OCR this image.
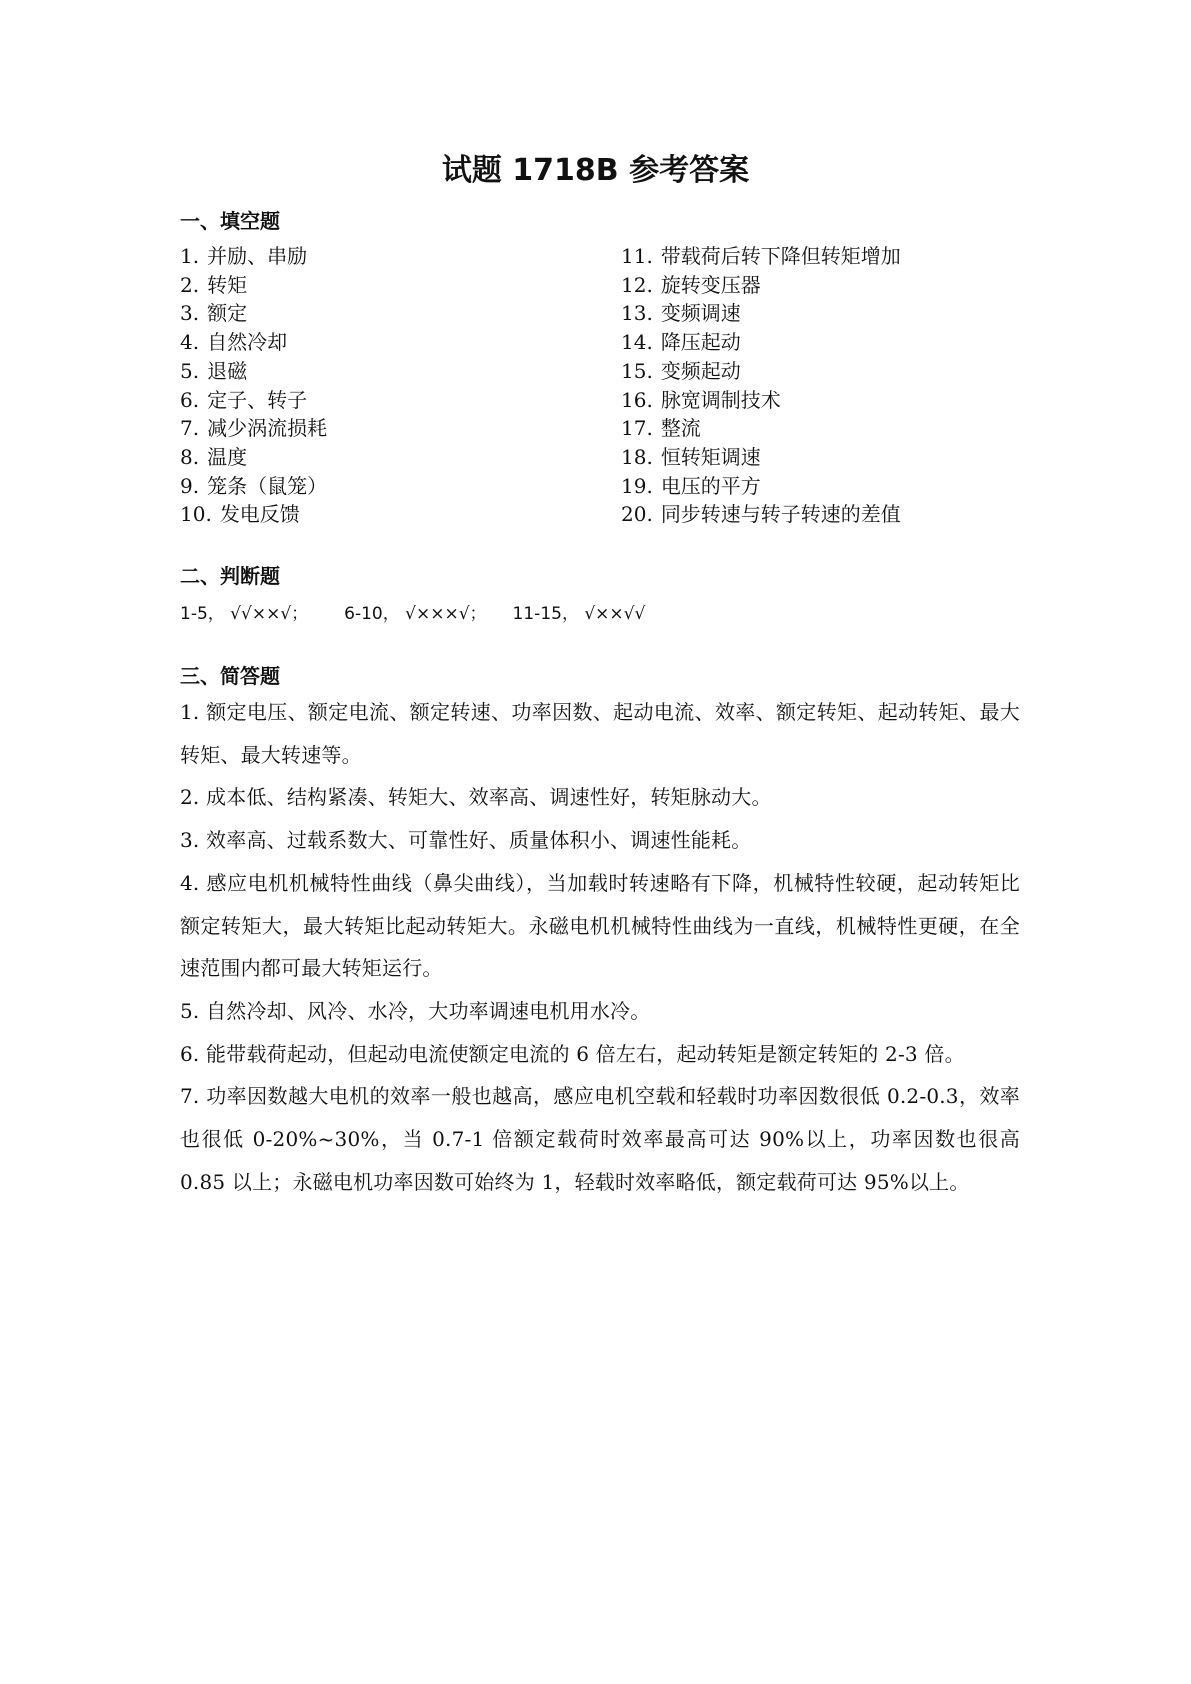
试题 1718B 参考答案
一、填空题
1. 并励、串励
2. 转矩
3. 额定
4. 自然冷却
5. 退磁
6. 定子、转子
7. 减少涡流损耗
8. 温度
9. 笼条（鼠笼）
10. 发电反馈
11. 带载荷后转下降但转矩增加
12. 旋转变压器
13. 变频调速
14. 降压起动
15. 变频起动
16. 脉宽调制技术
17. 整流
18. 恒转矩调速
19. 电压的平方
20. 同步转速与转子转速的差值
二、判断题
1-5， √√××√； 6-10， √×××√； 11-15， √××√√
三、简答题

1. 额定电压、额定电流、额定转速、功率因数、起动电流、效率、额定转矩、起动转矩、最大转矩、最大转速等。

2. 成本低、结构紧凑、转矩大、效率高、调速性好，转矩脉动大。

3. 效率高、过载系数大、可靠性好、质量体积小、调速性能耗。

4. 感应电机机械特性曲线（鼻尖曲线），当加载时转速略有下降，机械特性较硬，起动转矩比额定转矩大，最大转矩比起动转矩大。永磁电机机械特性曲线为一直线，机械特性更硬，在全速范围内都可最大转矩运行。

5. 自然冷却、风冷、水冷，大功率调速电机用水冷。

6. 能带载荷起动，但起动电流使额定电流的 6 倍左右，起动转矩是额定转矩的 2-3 倍。

7. 功率因数越大电机的效率一般也越高，感应电机空载和轻载时功率因数很低 0.2-0.3，效率也很低 0-20%~30%，当 0.7-1 倍额定载荷时效率最高可达 90%以上，功率因数也很高 0.85 以上；永磁电机功率因数可始终为 1，轻载时效率略低，额定载荷可达 95%以上。
